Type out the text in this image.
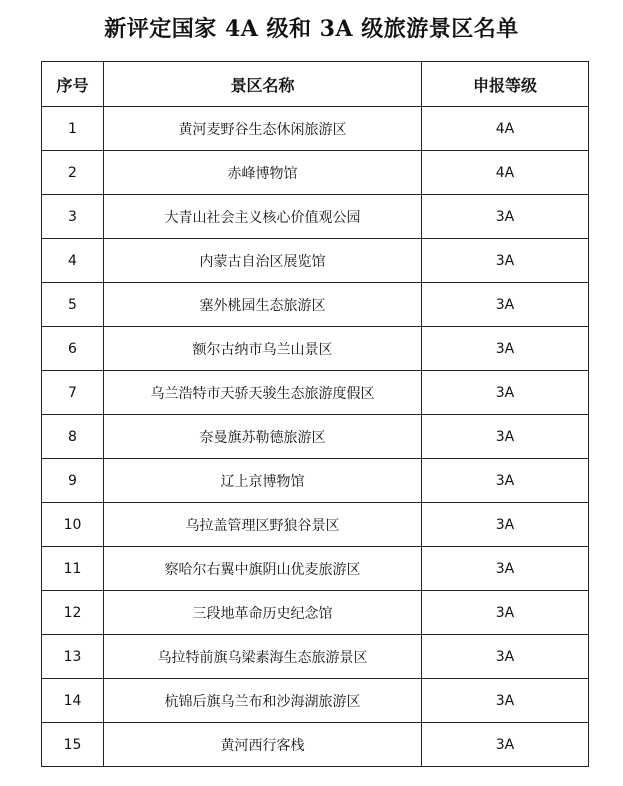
新评定国家 4A 级和 3A 级旅游景区名单
序号	景区名称	申报等级
1	黄河麦野谷生态休闲旅游区	4A
2	赤峰博物馆	4A
3	大青山社会主义核心价值观公园	3A
4	内蒙古自治区展览馆	3A
5	塞外桃园生态旅游区	3A
6	额尔古纳市乌兰山景区	3A
7	乌兰浩特市天骄天骏生态旅游度假区	3A
8	奈曼旗苏勒德旅游区	3A
9	辽上京博物馆	3A
10	乌拉盖管理区野狼谷景区	3A
11	察哈尔右翼中旗阴山优麦旅游区	3A
12	三段地革命历史纪念馆	3A
13	乌拉特前旗乌梁素海生态旅游景区	3A
14	杭锦后旗乌兰布和沙海湖旅游区	3A
15	黄河西行客栈	3A
